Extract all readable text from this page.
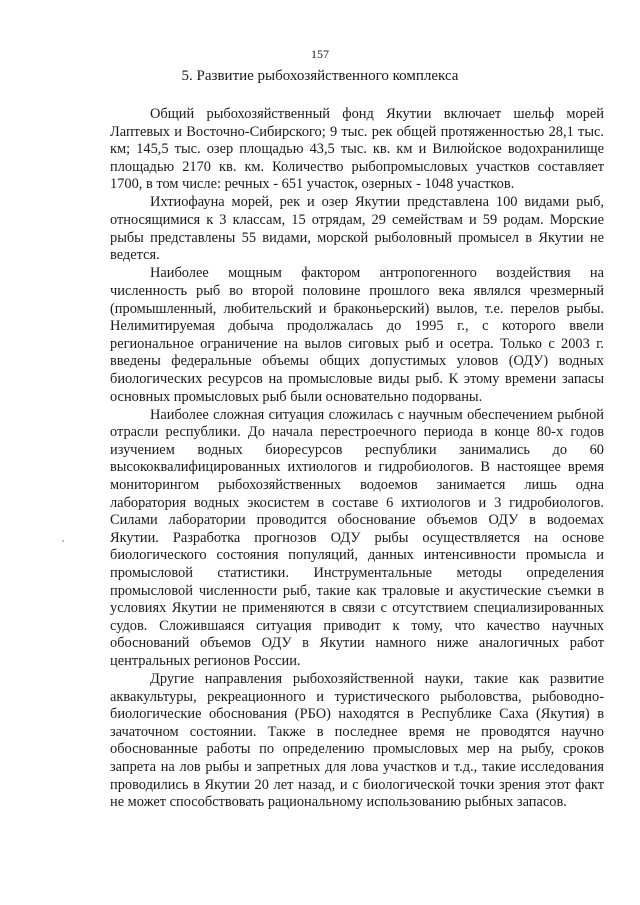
157
5. Развитие рыбохозяйственного комплекса

Общий рыбохозяйственный фонд Якутии включает шельф морей Лаптевых и Восточно-Сибирского; 9 тыс. рек общей протяженностью 28,1 тыс. км; 145,5 тыс. озер площадью 43,5 тыс. кв. км и Вилюйское водохранилище площадью 2170 кв. км. Количество рыбопромысловых участков составляет 1700, в том числе: речных - 651 участок, озерных - 1048 участков.

Ихтиофауна морей, рек и озер Якутии представлена 100 видами рыб, относящимися к 3 классам, 15 отрядам, 29 семействам и 59 родам. Морские рыбы представлены 55 видами, морской рыболовный промысел в Якутии не ведется.

Наиболее мощным фактором антропогенного воздействия на численность рыб во второй половине прошлого века являлся чрезмерный (промышленный, любительский и браконьерский) вылов, т.е. перелов рыбы. Нелимитируемая добыча продолжалась до 1995 г., с которого ввели региональное ограничение на вылов сиговых рыб и осетра. Только с 2003 г. введены федеральные объемы общих допустимых уловов (ОДУ) водных биологических ресурсов на промысловые виды рыб. К этому времени запасы основных промысловых рыб были основательно подорваны.

Наиболее сложная ситуация сложилась с научным обеспечением рыбной отрасли республики. До начала перестроечного периода в конце 80-х годов изучением водных биоресурсов республики занимались до 60 высококвалифицированных ихтиологов и гидробиологов. В настоящее время мониторингом рыбохозяйственных водоемов занимается лишь одна лаборатория водных экосистем в составе 6 ихтиологов и 3 гидробиологов. Силами лаборатории проводится обоснование объемов ОДУ в водоемах Якутии. Разработка прогнозов ОДУ рыбы осуществляется на основе биологического состояния популяций, данных интенсивности промысла и промысловой статистики. Инструментальные методы определения промысловой численности рыб, такие как траловые и акустические съемки в условиях Якутии не применяются в связи с отсутствием специализированных судов. Сложившаяся ситуация приводит к тому, что качество научных обоснований объемов ОДУ в Якутии намного ниже аналогичных работ центральных регионов России.

Другие направления рыбохозяйственной науки, такие как развитие аквакультуры, рекреационного и туристического рыболовства, рыбоводно-биологические обоснования (РБО) находятся в Республике Саха (Якутия) в зачаточном состоянии. Также в последнее время не проводятся научно обоснованные работы по определению промысловых мер на рыбу, сроков запрета на лов рыбы и запретных для лова участков и т.д., такие исследования проводились в Якутии 20 лет назад, и с биологической точки зрения этот факт не может способствовать рациональному использованию рыбных запасов.
